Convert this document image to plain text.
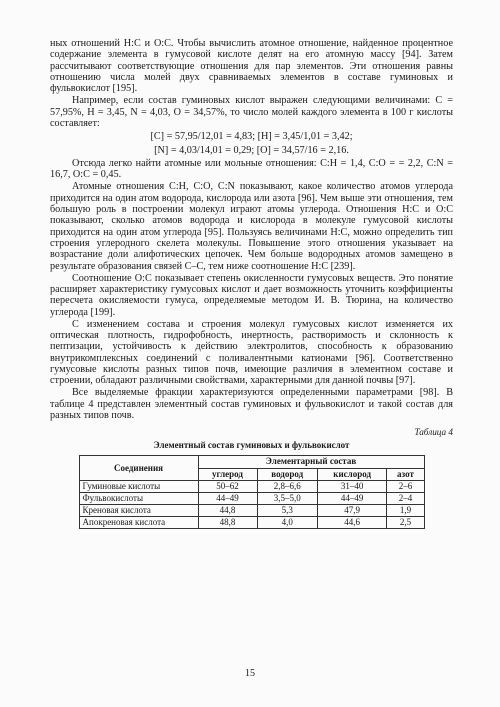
ных отношений Н:С и О:С. Чтобы вычислить атомное отношение, найденное процентное содержание элемента в гумусовой кислоте делят на его атомную массу [94]. Затем рассчитывают соответствующие отношения для пар элементов. Эти отношения равны отношению числа молей двух сравниваемых элементов в составе гуминовых и фульвокислот [195].

Например, если состав гуминовых кислот выражен следующими величинами: С = 57,95%, Н = 3,45, N = 4,03, O = 34,57%, то число молей каждого элемента в 100 г кислоты составляет:

[C] = 57,95/12,01 = 4,83; [H] = 3,45/1,01 = 3,42;
[N] = 4,03/14,01 = 0,29; [O] = 34,57/16 = 2,16.

Отсюда легко найти атомные или мольные отношения: С:Н = 1,4, С:О = = 2,2, С:N = 16,7, О:С = 0,45.

Атомные отношения С:Н, С:О, С:N показывают, какое количество атомов углерода приходится на один атом водорода, кислорода или азота [96]. Чем выше эти отношения, тем большую роль в построении молекул играют атомы углерода. Отношения Н:С и О:С показывают, сколько атомов водорода и кислорода в молекуле гумусовой кислоты приходится на один атом углерода [95]. Пользуясь величинами Н:С, можно определить тип строения углеродного скелета молекулы. Повышение этого отношения указывает на возрастание доли алифотических цепочек. Чем больше водородных атомов замещено в результате образования связей С–С, тем ниже соотношение Н:С [239].

Соотношение О:С показывает степень окисленности гумусовых веществ. Это понятие расширяет характеристику гумусовых кислот и дает возможность уточнить коэффициенты пересчета окисляемости гумуса, определяемые методом И. В. Тюрина, на количество углерода [199].

С изменением состава и строения молекул гумусовых кислот изменяется их оптическая плотность, гидрофобность, инертность, растворимость и склонность к пептизации, устойчивость к действию электролитов, способность к образованию внутрикомплексных соединений с поливалентными катионами [96]. Соответственно гумусовые кислоты разных типов почв, имеющие различия в элементном составе и строении, обладают различными свойствами, характерными для данной почвы [97].

Все выделяемые фракции характеризуются определенными параметрами [98]. В таблице 4 представлен элементный состав гуминовых и фульвокислот и такой состав для разных типов почв.

Таблица 4
Элементный состав гуминовых и фульвокислот
Соединения	Элементарный состав			
	углерод	водород	кислород	азот
Гуминовые кислоты	50–62	2,8–6,6	31–40	2–6
Фульвокислоты	44–49	3,5–5,0	44–49	2–4
Креновая кислота	44,8	5,3	47,9	1,9
Апокреновая кислота	48,8	4,0	44,6	2,5
15
